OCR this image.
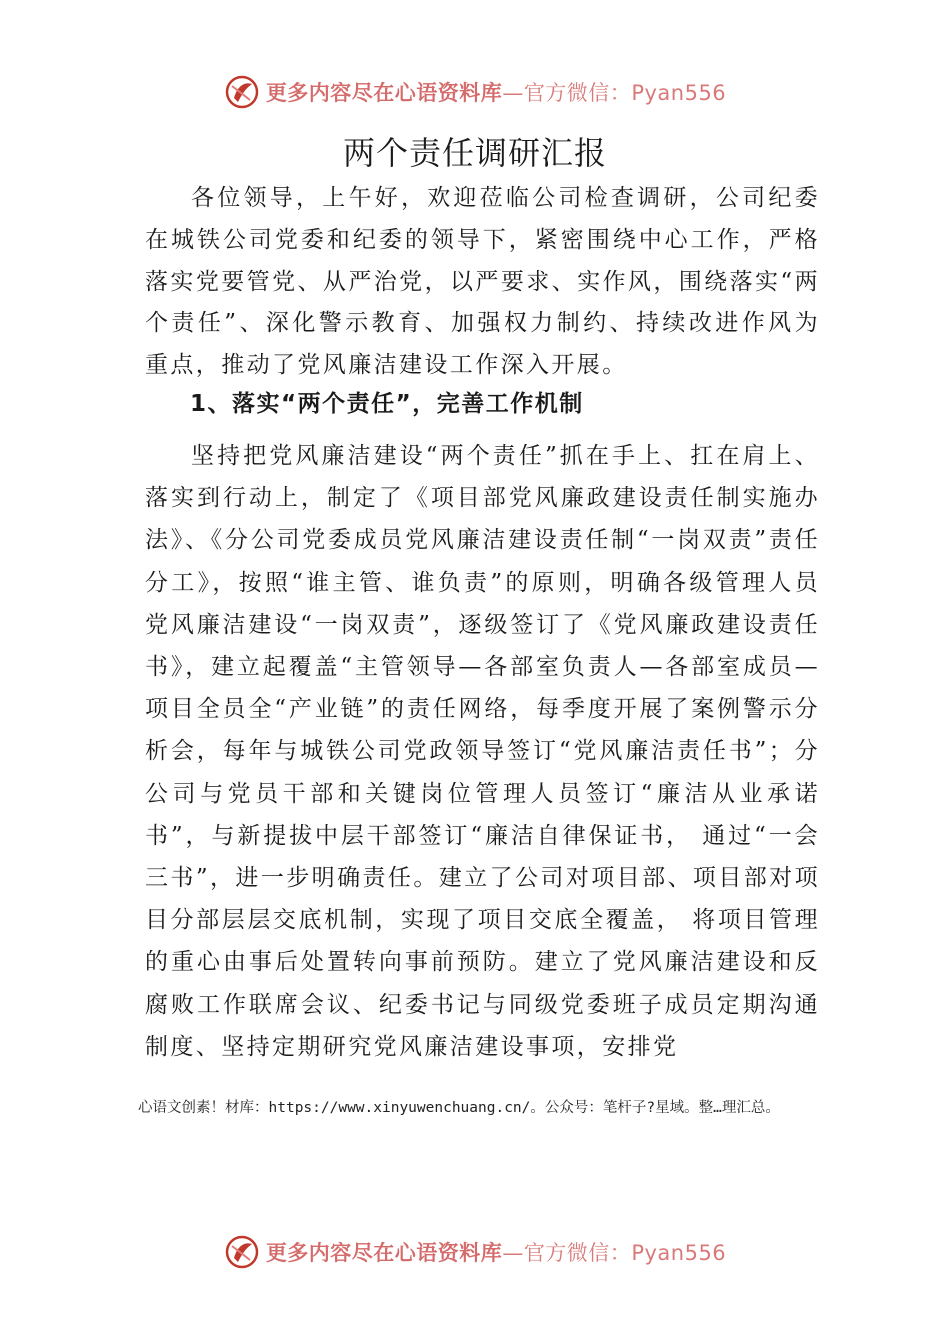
更多内容尽在心语资料库—官方微信：Pyan556
两个责任调研汇报

各位领导，上午好，欢迎莅临公司检查调研，公司纪委在城铁公司党委和纪委的领导下，紧密围绕中心工作，严格落实党要管党、从严治党，以严要求、实作风，围绕落实“两个责任”、深化警示教育、加强权力制约、持续改进作风为 重点，推动了党风廉洁建设工作深入开展。

1、落实“两个责任”，完善工作机制

坚持把党风廉洁建设“两个责任”抓在手上、扛在肩上、落实到行动上，制定了《项目部党风廉政建设责任制实施办法》、《分公司党委成员党风廉洁建设责任制“一岗双责”责任分工》，按照“谁主管、谁负责”的原则，明确各级管理人员党风廉洁建设“一岗双责”，逐级签订了《党风廉政建设责任书》，建立起覆盖“主管领导—各部室负责人—各部室成员—项目全员全“产业链”的责任网络，每季度开展了案例警示分析会，每年与城铁公司党政领导签订“党风廉洁责任书”；分公司与党员干部和关键岗位管理人员签订“廉洁从业承诺书”，与新提拔中层干部签订“廉洁自律保证书， 通过“一会三书”，进一步明确责任。建立了公司对项目部、项目部对项目分部层层交底机制，实现了项目交底全覆盖， 将项目管理的重心由事后处置转向事前预防。建立了党风廉洁建设和反腐败工作联席会议、纪委书记与同级党委班子成员定期沟通制度、坚持定期研究党风廉洁建设事项，安排党

心语文创素！材库：https://www.xinyuwenchuang.cn/。公众号：笔杆子?星域。整…理汇总。

更多内容尽在心语资料库—官方微信：Pyan556
